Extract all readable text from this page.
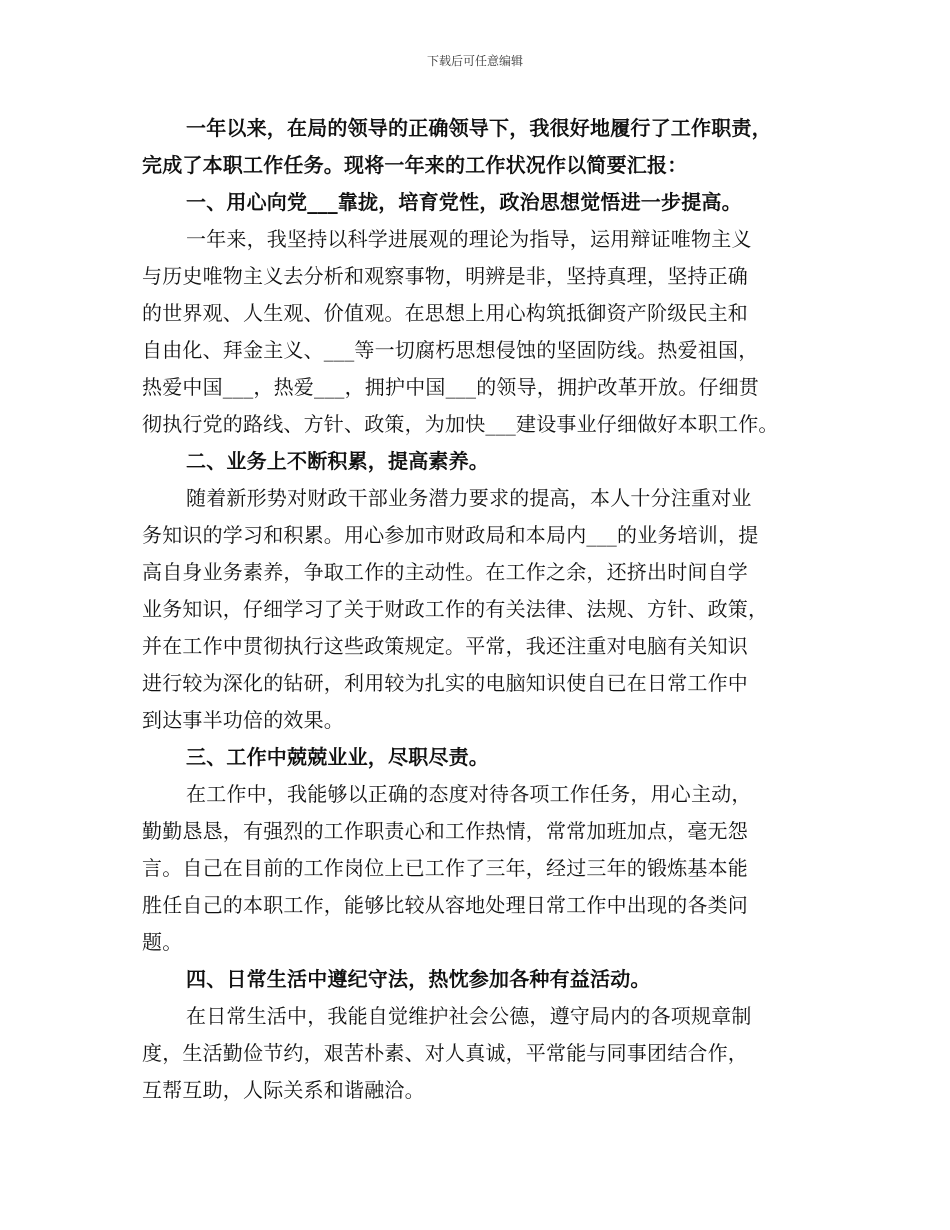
下载后可任意编辑
一年以来，在局的领导的正确领导下，我很好地履行了工作职责，
完成了本职工作任务。现将一年来的工作状况作以简要汇报：
一、用心向党___靠拢，培育党性，政治思想觉悟进一步提高。
一年来，我坚持以科学进展观的理论为指导，运用辩证唯物主义
与历史唯物主义去分析和观察事物，明辨是非，坚持真理，坚持正确
的世界观、人生观、价值观。在思想上用心构筑抵御资产阶级民主和
自由化、拜金主义、___等一切腐朽思想侵蚀的坚固防线。热爱祖国，
热爱中国___，热爱___，拥护中国___的领导，拥护改革开放。仔细贯
彻执行党的路线、方针、政策，为加快___建设事业仔细做好本职工作。
二、业务上不断积累，提高素养。
随着新形势对财政干部业务潜力要求的提高，本人十分注重对业
务知识的学习和积累。用心参加市财政局和本局内___的业务培训，提
高自身业务素养，争取工作的主动性。在工作之余，还挤出时间自学
业务知识，仔细学习了关于财政工作的有关法律、法规、方针、政策，
并在工作中贯彻执行这些政策规定。平常，我还注重对电脑有关知识
进行较为深化的钻研，利用较为扎实的电脑知识使自已在日常工作中
到达事半功倍的效果。
三、工作中兢兢业业，尽职尽责。
在工作中，我能够以正确的态度对待各项工作任务，用心主动，
勤勤恳恳，有强烈的工作职责心和工作热情，常常加班加点，毫无怨
言。自己在目前的工作岗位上已工作了三年，经过三年的锻炼基本能
胜任自己的本职工作，能够比较从容地处理日常工作中出现的各类问
题。
四、日常生活中遵纪守法，热忱参加各种有益活动。
在日常生活中，我能自觉维护社会公德，遵守局内的各项规章制
度，生活勤俭节约，艰苦朴素、对人真诚，平常能与同事团结合作，
互帮互助，人际关系和谐融洽。
